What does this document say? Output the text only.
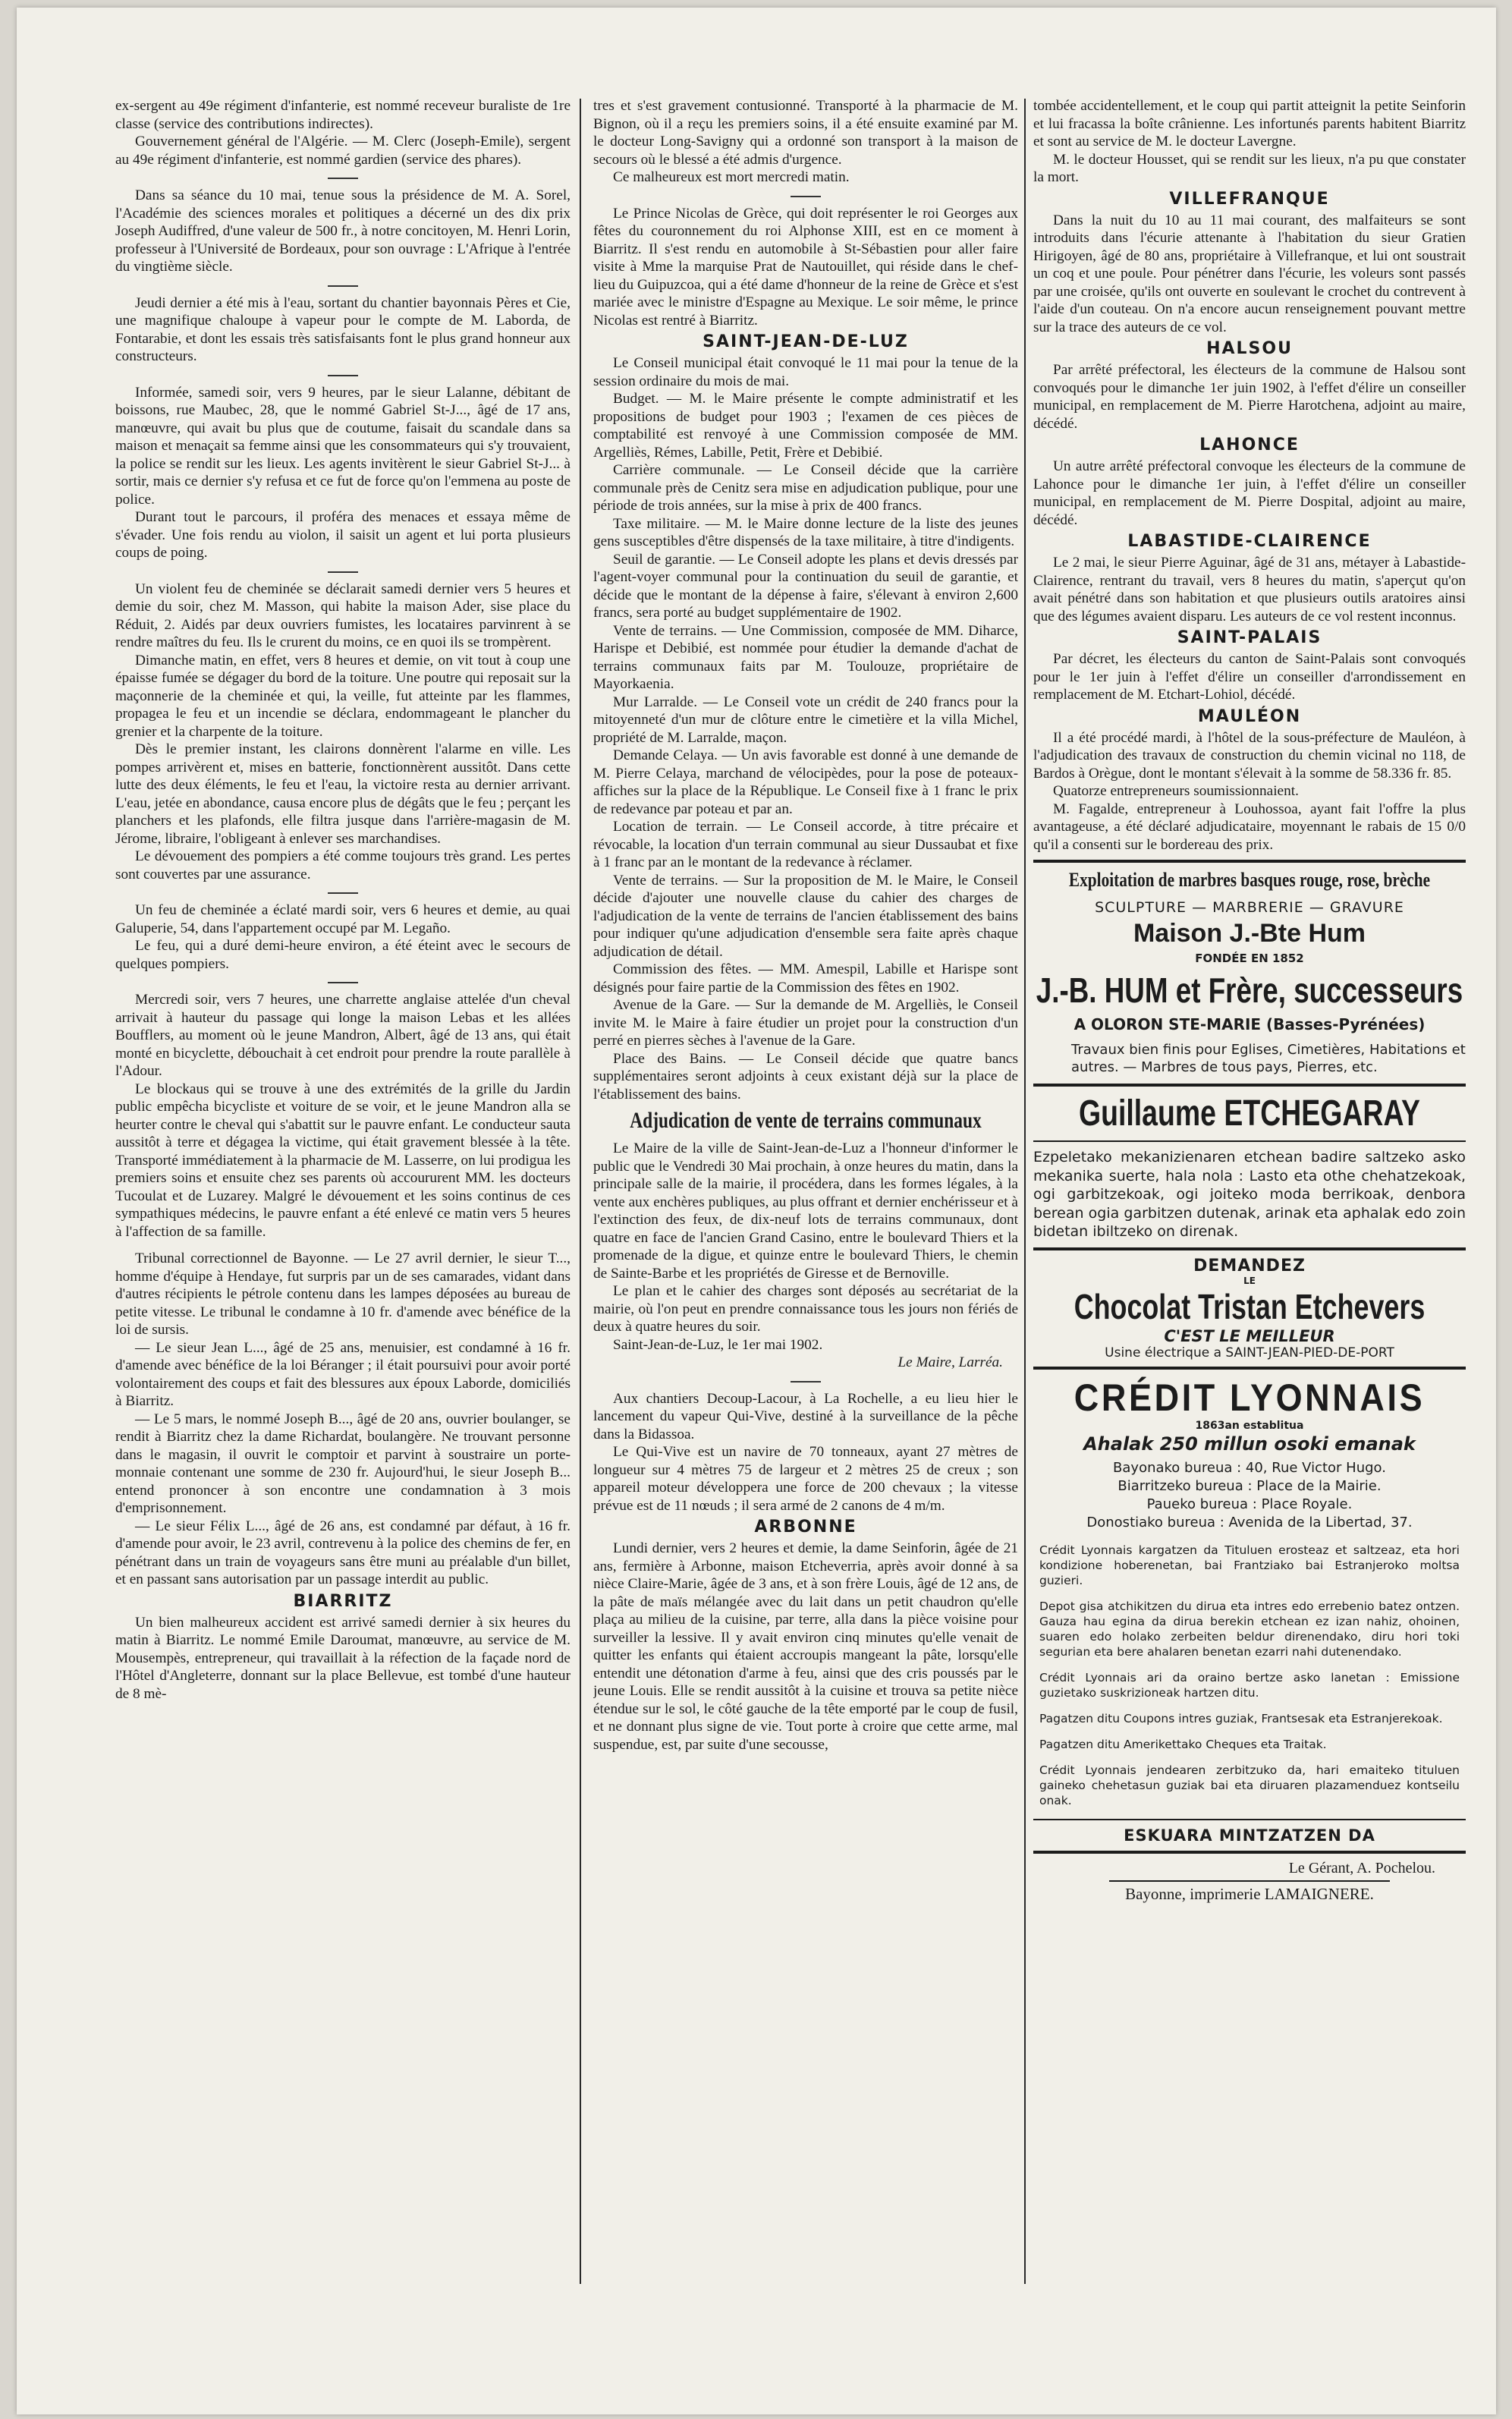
ex-sergent au 49e régiment d'infanterie, est nommé receveur buraliste de 1re classe (service des contributions indirectes).

Gouvernement général de l'Algérie. — M. Clerc (Joseph-Emile), sergent au 49e régiment d'infanterie, est nommé gardien (service des phares).

Dans sa séance du 10 mai, tenue sous la présidence de M. A. Sorel, l'Académie des sciences morales et politiques a décerné un des dix prix Joseph Audiffred, d'une valeur de 500 fr., à notre concitoyen, M. Henri Lorin, professeur à l'Université de Bordeaux, pour son ouvrage : L'Afrique à l'entrée du vingtième siècle.

Jeudi dernier a été mis à l'eau, sortant du chantier bayonnais Pères et Cie, une magnifique chaloupe à vapeur pour le compte de M. Laborda, de Fontarabie, et dont les essais très satisfaisants font le plus grand honneur aux constructeurs.

Informée, samedi soir, vers 9 heures, par le sieur Lalanne, débitant de boissons, rue Maubec, 28, que le nommé Gabriel St-J..., âgé de 17 ans, manœuvre, qui avait bu plus que de coutume, faisait du scandale dans sa maison et menaçait sa femme ainsi que les consommateurs qui s'y trouvaient, la police se rendit sur les lieux. Les agents invitèrent le sieur Gabriel St-J... à sortir, mais ce dernier s'y refusa et ce fut de force qu'on l'emmena au poste de police.

Durant tout le parcours, il proféra des menaces et essaya même de s'évader. Une fois rendu au violon, il saisit un agent et lui porta plusieurs coups de poing.

Un violent feu de cheminée se déclarait samedi dernier vers 5 heures et demie du soir, chez M. Masson, qui habite la maison Ader, sise place du Réduit, 2. Aidés par deux ouvriers fumistes, les locataires parvinrent à se rendre maîtres du feu. Ils le crurent du moins, ce en quoi ils se trompèrent.

Dimanche matin, en effet, vers 8 heures et demie, on vit tout à coup une épaisse fumée se dégager du bord de la toiture. Une poutre qui reposait sur la maçonnerie de la cheminée et qui, la veille, fut atteinte par les flammes, propagea le feu et un incendie se déclara, endommageant le plancher du grenier et la charpente de la toiture.

Dès le premier instant, les clairons donnèrent l'alarme en ville. Les pompes arrivèrent et, mises en batterie, fonctionnèrent aussitôt. Dans cette lutte des deux éléments, le feu et l'eau, la victoire resta au dernier arrivant. L'eau, jetée en abondance, causa encore plus de dégâts que le feu ; perçant les planchers et les plafonds, elle filtra jusque dans l'arrière-magasin de M. Jérome, libraire, l'obligeant à enlever ses marchandises.

Le dévouement des pompiers a été comme toujours très grand. Les pertes sont couvertes par une assurance.

Un feu de cheminée a éclaté mardi soir, vers 6 heures et demie, au quai Galuperie, 54, dans l'appartement occupé par M. Legaño.

Le feu, qui a duré demi-heure environ, a été éteint avec le secours de quelques pompiers.

Mercredi soir, vers 7 heures, une charrette anglaise attelée d'un cheval arrivait à hauteur du passage qui longe la maison Lebas et les allées Boufflers, au moment où le jeune Mandron, Albert, âgé de 13 ans, qui était monté en bicyclette, débouchait à cet endroit pour prendre la route parallèle à l'Adour.

Le blockaus qui se trouve à une des extrémités de la grille du Jardin public empêcha bicycliste et voiture de se voir, et le jeune Mandron alla se heurter contre le cheval qui s'abattit sur le pauvre enfant. Le conducteur sauta aussitôt à terre et dégagea la victime, qui était gravement blessée à la tête. Transporté immédiatement à la pharmacie de M. Lasserre, on lui prodigua les premiers soins et ensuite chez ses parents où accoururent MM. les docteurs Tucoulat et de Luzarey. Malgré le dévouement et les soins continus de ces sympathiques médecins, le pauvre enfant a été enlevé ce matin vers 5 heures à l'affection de sa famille.

Tribunal correctionnel de Bayonne. — Le 27 avril dernier, le sieur T..., homme d'équipe à Hendaye, fut surpris par un de ses camarades, vidant dans d'autres récipients le pétrole contenu dans les lampes déposées au bureau de petite vitesse. Le tribunal le condamne à 10 fr. d'amende avec bénéfice de la loi de sursis.

— Le sieur Jean L..., âgé de 25 ans, menuisier, est condamné à 16 fr. d'amende avec bénéfice de la loi Béranger ; il était poursuivi pour avoir porté volontairement des coups et fait des blessures aux époux Laborde, domiciliés à Biarritz.

— Le 5 mars, le nommé Joseph B..., âgé de 20 ans, ouvrier boulanger, se rendit à Biarritz chez la dame Richardat, boulangère. Ne trouvant personne dans le magasin, il ouvrit le comptoir et parvint à soustraire un porte-monnaie contenant une somme de 230 fr. Aujourd'hui, le sieur Joseph B... entend prononcer à son encontre une condamnation à 3 mois d'emprisonnement.

— Le sieur Félix L..., âgé de 26 ans, est condamné par défaut, à 16 fr. d'amende pour avoir, le 23 avril, contrevenu à la police des chemins de fer, en pénétrant dans un train de voyageurs sans être muni au préalable d'un billet, et en passant sans autorisation par un passage interdit au public.

BIARRITZ

Un bien malheureux accident est arrivé samedi dernier à six heures du matin à Biarritz. Le nommé Emile Daroumat, manœuvre, au service de M. Mousempès, entrepreneur, qui travaillait à la réfection de la façade nord de l'Hôtel d'Angleterre, donnant sur la place Bellevue, est tombé d'une hauteur de 8 mè-

tres et s'est gravement contusionné. Transporté à la pharmacie de M. Bignon, où il a reçu les premiers soins, il a été ensuite examiné par M. le docteur Long-Savigny qui a ordonné son transport à la maison de secours où le blessé a été admis d'urgence.

Ce malheureux est mort mercredi matin.

Le Prince Nicolas de Grèce, qui doit représenter le roi Georges aux fêtes du couronnement du roi Alphonse XIII, est en ce moment à Biarritz. Il s'est rendu en automobile à St-Sébastien pour aller faire visite à Mme la marquise Prat de Nautouillet, qui réside dans le chef-lieu du Guipuzcoa, qui a été dame d'honneur de la reine de Grèce et s'est mariée avec le ministre d'Espagne au Mexique. Le soir même, le prince Nicolas est rentré à Biarritz.

SAINT-JEAN-DE-LUZ

Le Conseil municipal était convoqué le 11 mai pour la tenue de la session ordinaire du mois de mai.

Budget. — M. le Maire présente le compte administratif et les propositions de budget pour 1903 ; l'examen de ces pièces de comptabilité est renvoyé à une Commission composée de MM. Argelliès, Rémes, Labille, Petit, Frère et Debibié.

Carrière communale. — Le Conseil décide que la carrière communale près de Cenitz sera mise en adjudication publique, pour une période de trois années, sur la mise à prix de 400 francs.

Taxe militaire. — M. le Maire donne lecture de la liste des jeunes gens susceptibles d'être dispensés de la taxe militaire, à titre d'indigents.

Seuil de garantie. — Le Conseil adopte les plans et devis dressés par l'agent-voyer communal pour la continuation du seuil de garantie, et décide que le montant de la dépense à faire, s'élevant à environ 2,600 francs, sera porté au budget supplémentaire de 1902.

Vente de terrains. — Une Commission, composée de MM. Diharce, Harispe et Debibié, est nommée pour étudier la demande d'achat de terrains communaux faits par M. Toulouze, propriétaire de Mayorkaenia.

Mur Larralde. — Le Conseil vote un crédit de 240 francs pour la mitoyenneté d'un mur de clôture entre le cimetière et la villa Michel, propriété de M. Larralde, maçon.

Demande Celaya. — Un avis favorable est donné à une demande de M. Pierre Celaya, marchand de vélocipèdes, pour la pose de poteaux-affiches sur la place de la République. Le Conseil fixe à 1 franc le prix de redevance par poteau et par an.

Location de terrain. — Le Conseil accorde, à titre précaire et révocable, la location d'un terrain communal au sieur Dussaubat et fixe à 1 franc par an le montant de la redevance à réclamer.

Vente de terrains. — Sur la proposition de M. le Maire, le Conseil décide d'ajouter une nouvelle clause du cahier des charges de l'adjudication de la vente de terrains de l'ancien établissement des bains pour indiquer qu'une adjudication d'ensemble sera faite après chaque adjudication de détail.

Commission des fêtes. — MM. Amespil, Labille et Harispe sont désignés pour faire partie de la Commission des fêtes en 1902.

Avenue de la Gare. — Sur la demande de M. Argelliès, le Conseil invite M. le Maire à faire étudier un projet pour la construction d'un perré en pierres sèches à l'avenue de la Gare.

Place des Bains. — Le Conseil décide que quatre bancs supplémentaires seront adjoints à ceux existant déjà sur la place de l'établissement des bains.

Adjudication de vente de terrains communaux

Le Maire de la ville de Saint-Jean-de-Luz a l'honneur d'informer le public que le Vendredi 30 Mai prochain, à onze heures du matin, dans la principale salle de la mairie, il procédera, dans les formes légales, à la vente aux enchères publiques, au plus offrant et dernier enchérisseur et à l'extinction des feux, de dix-neuf lots de terrains communaux, dont quatre en face de l'ancien Grand Casino, entre le boulevard Thiers et la promenade de la digue, et quinze entre le boulevard Thiers, le chemin de Sainte-Barbe et les propriétés de Giresse et de Bernoville.

Le plan et le cahier des charges sont déposés au secrétariat de la mairie, où l'on peut en prendre connaissance tous les jours non fériés de deux à quatre heures du soir.

Saint-Jean-de-Luz, le 1er mai 1902.

Le Maire, Larréa.

Aux chantiers Decoup-Lacour, à La Rochelle, a eu lieu hier le lancement du vapeur Qui-Vive, destiné à la surveillance de la pêche dans la Bidassoa.

Le Qui-Vive est un navire de 70 tonneaux, ayant 27 mètres de longueur sur 4 mètres 75 de largeur et 2 mètres 25 de creux ; son appareil moteur développera une force de 200 chevaux ; la vitesse prévue est de 11 nœuds ; il sera armé de 2 canons de 4 m/m.

ARBONNE

Lundi dernier, vers 2 heures et demie, la dame Seinforin, âgée de 21 ans, fermière à Arbonne, maison Etcheverria, après avoir donné à sa nièce Claire-Marie, âgée de 3 ans, et à son frère Louis, âgé de 12 ans, de la pâte de maïs mélangée avec du lait dans un petit chaudron qu'elle plaça au milieu de la cuisine, par terre, alla dans la pièce voisine pour surveiller la lessive. Il y avait environ cinq minutes qu'elle venait de quitter les enfants qui étaient accroupis mangeant la pâte, lorsqu'elle entendit une détonation d'arme à feu, ainsi que des cris poussés par le jeune Louis. Elle se rendit aussitôt à la cuisine et trouva sa petite nièce étendue sur le sol, le côté gauche de la tête emporté par le coup de fusil, et ne donnant plus signe de vie. Tout porte à croire que cette arme, mal suspendue, est, par suite d'une secousse,

tombée accidentellement, et le coup qui partit atteignit la petite Seinforin et lui fracassa la boîte crânienne. Les infortunés parents habitent Biarritz et sont au service de M. le docteur Lavergne.

M. le docteur Housset, qui se rendit sur les lieux, n'a pu que constater la mort.

VILLEFRANQUE

Dans la nuit du 10 au 11 mai courant, des malfaiteurs se sont introduits dans l'écurie attenante à l'habitation du sieur Gratien Hirigoyen, âgé de 80 ans, propriétaire à Villefranque, et lui ont soustrait un coq et une poule. Pour pénétrer dans l'écurie, les voleurs sont passés par une croisée, qu'ils ont ouverte en soulevant le crochet du contrevent à l'aide d'un couteau. On n'a encore aucun renseignement pouvant mettre sur la trace des auteurs de ce vol.

HALSOU

Par arrêté préfectoral, les électeurs de la commune de Halsou sont convoqués pour le dimanche 1er juin 1902, à l'effet d'élire un conseiller municipal, en remplacement de M. Pierre Harotchena, adjoint au maire, décédé.

LAHONCE

Un autre arrêté préfectoral convoque les électeurs de la commune de Lahonce pour le dimanche 1er juin, à l'effet d'élire un conseiller municipal, en remplacement de M. Pierre Dospital, adjoint au maire, décédé.

LABASTIDE-CLAIRENCE

Le 2 mai, le sieur Pierre Aguinar, âgé de 31 ans, métayer à Labastide-Clairence, rentrant du travail, vers 8 heures du matin, s'aperçut qu'on avait pénétré dans son habitation et que plusieurs outils aratoires ainsi que des légumes avaient disparu. Les auteurs de ce vol restent inconnus.

SAINT-PALAIS

Par décret, les électeurs du canton de Saint-Palais sont convoqués pour le 1er juin à l'effet d'élire un conseiller d'arrondissement en remplacement de M. Etchart-Lohiol, décédé.

MAULÉON

Il a été procédé mardi, à l'hôtel de la sous-préfecture de Mauléon, à l'adjudication des travaux de construction du chemin vicinal no 118, de Bardos à Orègue, dont le montant s'élevait à la somme de 58.336 fr. 85.

Quatorze entrepreneurs soumissionnaient.

M. Fagalde, entrepreneur à Louhossoa, ayant fait l'offre la plus avantageuse, a été déclaré adjudicataire, moyennant le rabais de 15 0/0 qu'il a consenti sur le bordereau des prix.

Exploitation de marbres basques rouge, rose, brèche
SCULPTURE — MARBRERIE — GRAVURE
Maison J.-Bte Hum
FONDÉE EN 1852
J.-B. HUM et Frère, successeurs
A OLORON STE-MARIE (Basses-Pyrénées)
Travaux bien finis pour Eglises, Cimetières, Habitations et autres. — Marbres de tous pays, Pierres, etc.
Guillaume ETCHEGARAY
Ezpeletako mekanizienaren etchean badire saltzeko asko mekanika suerte, hala nola : Lasto eta othe chehatzekoak, ogi garbitzekoak, ogi joiteko moda berrikoak, denbora berean ogia garbitzen dutenak, arinak eta aphalak edo zoin bidetan ibiltzeko on direnak.
DEMANDEZ
LE
Chocolat Tristan Etchevers
C'EST LE MEILLEUR
Usine électrique a SAINT-JEAN-PIED-DE-PORT
CRÉDIT LYONNAIS
1863an establitua
Ahalak 250 millun osoki emanak
Bayonako bureua : 40, Rue Victor Hugo.
Biarritzeko bureua : Place de la Mairie.
Paueko bureua : Place Royale.
Donostiako bureua : Avenida de la Libertad, 37.
Crédit Lyonnais kargatzen da Tituluen erosteaz et saltzeaz, eta hori kondizione hoberenetan, bai Frantziako bai Estranjeroko moltsa guzieri.
Depot gisa atchikitzen du dirua eta intres edo errebenio batez ontzen. Gauza hau egina da dirua berekin etchean ez izan nahiz, ohoinen, suaren edo holako zerbeiten beldur direnendako, diru hori toki segurian eta bere ahalaren benetan ezarri nahi dutenendako.
Crédit Lyonnais ari da oraino bertze asko lanetan : Emissione guzietako suskrizioneak hartzen ditu.
Pagatzen ditu Coupons intres guziak, Frantsesak eta Estranjerekoak.
Pagatzen ditu Amerikettako Cheques eta Traitak.
Crédit Lyonnais jendearen zerbitzuko da, hari emaiteko tituluen gaineko chehetasun guziak bai eta diruaren plazamenduez kontseilu onak.
ESKUARA MINTZATZEN DA
Le Gérant, A. Pochelou.
Bayonne, imprimerie LAMAIGNERE.
